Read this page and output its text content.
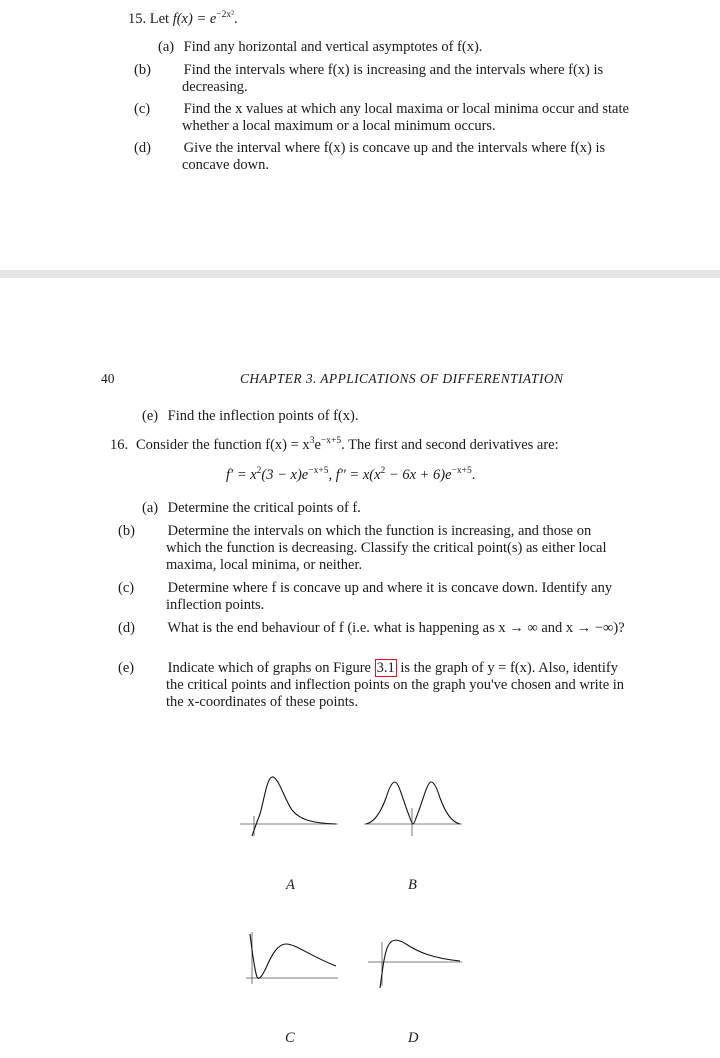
15. Let $f(x) = e^{-2x^2}$.
(a) Find any horizontal and vertical asymptotes of f(x).
(b) Find the intervals where f(x) is increasing and the intervals where f(x) is decreasing.
(c) Find the x values at which any local maxima or local minima occur and state whether a local maximum or a local minimum occurs.
(d) Give the interval where f(x) is concave up and the intervals where f(x) is concave down.
40	CHAPTER 3. APPLICATIONS OF DIFFERENTIATION
(e) Find the inflection points of f(x).
16. Consider the function $f(x) = x^3e^{-x+5}$. The first and second derivatives are:
$f' = x^2(3 - x)e^{-x+5}$, $f'' = x(x^2 - 6x + 6)e^{-x+5}$.
(a) Determine the critical points of f.
(b) Determine the intervals on which the function is increasing, and those on which the function is decreasing. Classify the critical point(s) as either local maxima, local minima, or neither.
(c) Determine where f is concave up and where it is concave down. Identify any inflection points.
(d) What is the end behaviour of f (i.e. what is happening as x → ∞ and x → −∞)?
(e) Indicate which of graphs on Figure 3.1 is the graph of y = f(x). Also, identify the critical points and inflection points on the graph you've chosen and write in the x-coordinates of these points.
A	B
C	D
